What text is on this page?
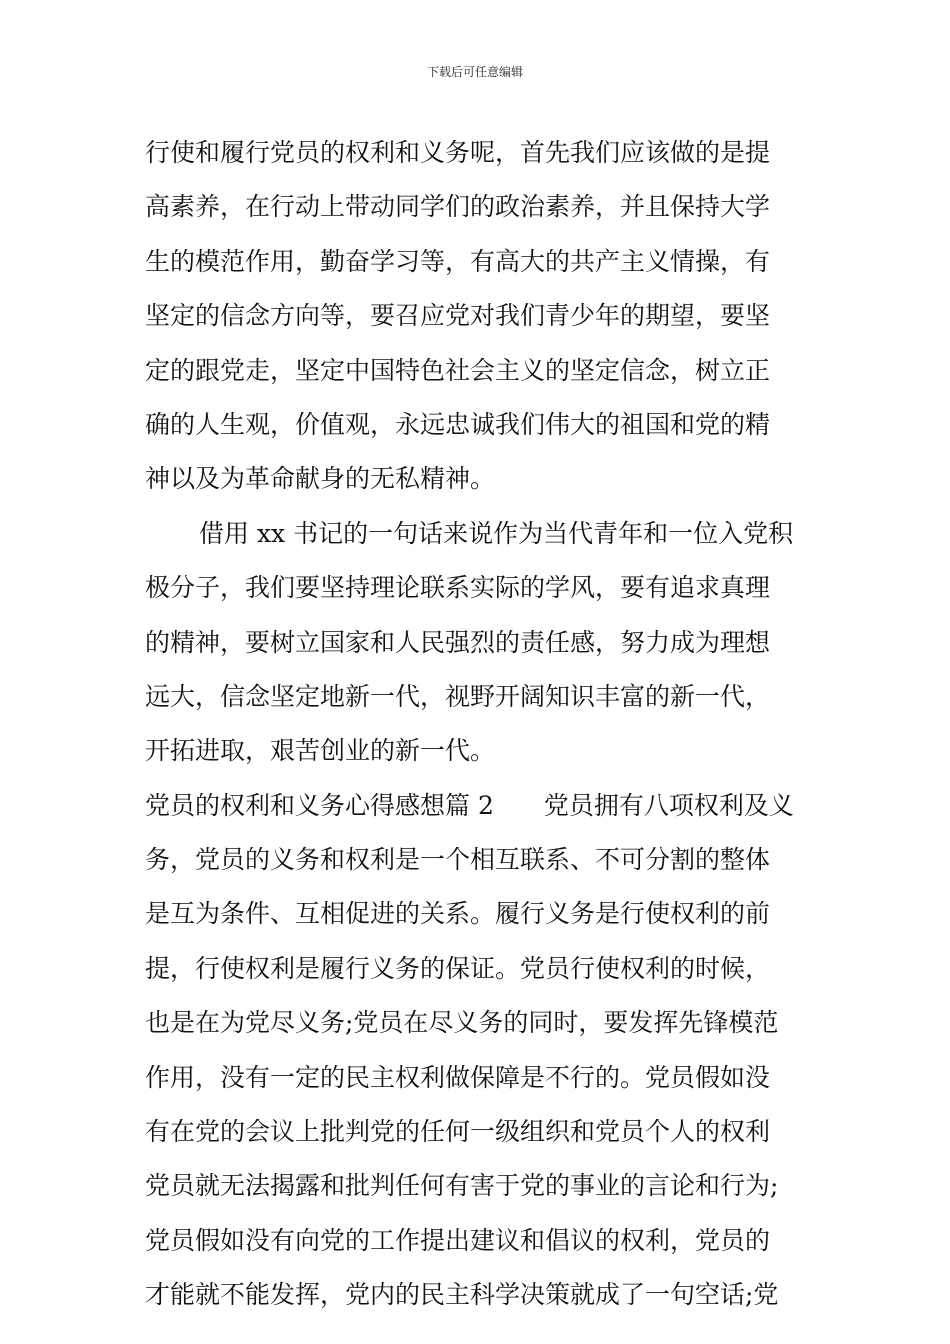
下载后可任意编辑
行使和履行党员的权利和义务呢，首先我们应该做的是提
高素养，在行动上带动同学们的政治素养，并且保持大学
生的模范作用，勤奋学习等，有高大的共产主义情操，有
坚定的信念方向等，要召应党对我们青少年的期望，要坚
定的跟党走，坚定中国特色社会主义的坚定信念，树立正
确的人生观，价值观，永远忠诚我们伟大的祖国和党的精
神以及为革命献身的无私精神。
借用 xx 书记的一句话来说作为当代青年和一位入党积
极分子，我们要坚持理论联系实际的学风，要有追求真理
的精神，要树立国家和人民强烈的责任感，努力成为理想
远大，信念坚定地新一代，视野开阔知识丰富的新一代，
开拓进取，艰苦创业的新一代。
党员的权利和义务心得感想篇 2　　党员拥有八项权利及义
务，党员的义务和权利是一个相互联系、不可分割的整体
是互为条件、互相促进的关系。履行义务是行使权利的前
提，行使权利是履行义务的保证。党员行使权利的时候，
也是在为党尽义务;党员在尽义务的同时，要发挥先锋模范
作用，没有一定的民主权利做保障是不行的。党员假如没
有在党的会议上批判党的任何一级组织和党员个人的权利
党员就无法揭露和批判任何有害于党的事业的言论和行为;
党员假如没有向党的工作提出建议和倡议的权利，党员的
才能就不能发挥，党内的民主科学决策就成了一句空话;党
